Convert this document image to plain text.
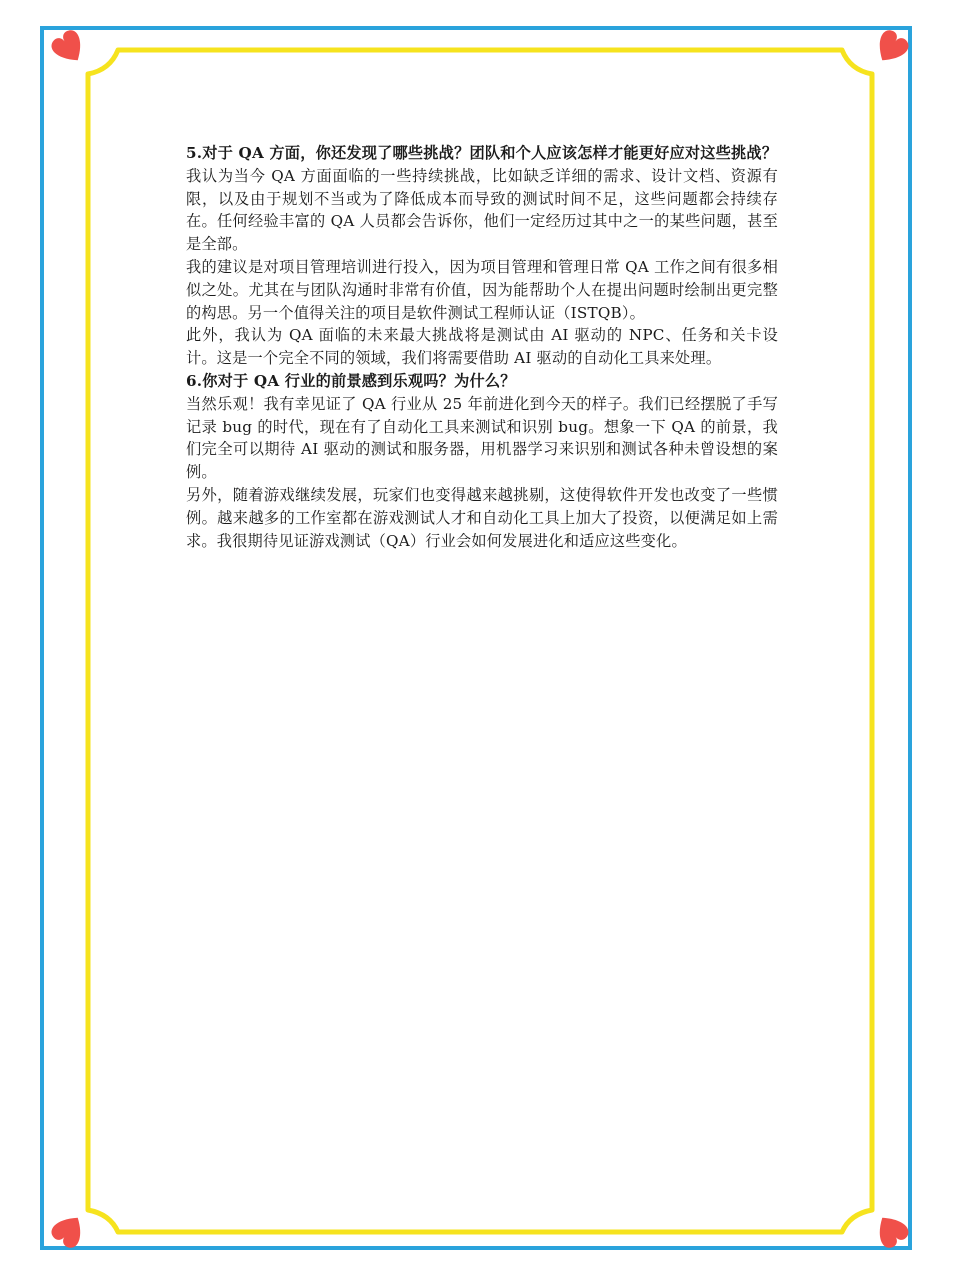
5.对于 QA 方面，你还发现了哪些挑战？团队和个人应该怎样才能更好应对这些挑战？

我认为当今 QA 方面面临的一些持续挑战，比如缺乏详细的需求、设计文档、资源有限，以及由于规划不当或为了降低成本而导致的测试时间不足，这些问题都会持续存在。任何经验丰富的 QA 人员都会告诉你，他们一定经历过其中之一的某些问题，甚至是全部。

我的建议是对项目管理培训进行投入，因为项目管理和管理日常 QA 工作之间有很多相似之处。尤其在与团队沟通时非常有价值，因为能帮助个人在提出问题时绘制出更完整的构思。另一个值得关注的项目是软件测试工程师认证（ISTQB）。

此外，我认为 QA 面临的未来最大挑战将是测试由 AI 驱动的 NPC、任务和关卡设计。这是一个完全不同的领域，我们将需要借助 AI 驱动的自动化工具来处理。

6.你对于 QA 行业的前景感到乐观吗？为什么？

当然乐观！我有幸见证了 QA 行业从 25 年前进化到今天的样子。我们已经摆脱了手写记录 bug 的时代，现在有了自动化工具来测试和识别 bug。想象一下 QA 的前景，我们完全可以期待 AI 驱动的测试和服务器，用机器学习来识别和测试各种未曾设想的案例。

另外，随着游戏继续发展，玩家们也变得越来越挑剔，这使得软件开发也改变了一些惯例。越来越多的工作室都在游戏测试人才和自动化工具上加大了投资，以便满足如上需求。我很期待见证游戏测试（QA）行业会如何发展进化和适应这些变化。
